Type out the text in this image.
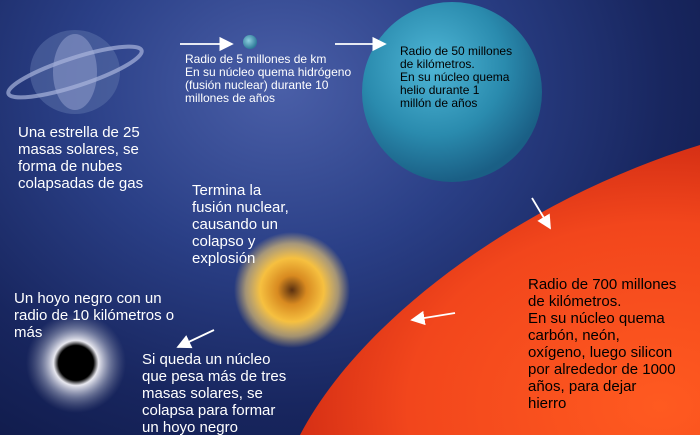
Una estrella de 25
masas solares, se
forma de nubes
colapsadas de gas
Radio de 5 millones de km
En su núcleo quema hidrógeno
(fusión nuclear) durante 10
millones de años
Radio de 50 millones
de kilómetros.
En su núcleo quema
helio durante 1
millón de años
Radio de 700 millones
de kilómetros.
En su núcleo quema
carbón, neón,
oxígeno, luego silicon
por alrededor de 1000
años, para dejar
hierro
Termina la
fusión nuclear,
causando un
colapso y
explosión
Si queda un núcleo
que pesa más de tres
masas solares, se
colapsa para formar
un hoyo negro
Un hoyo negro con un
radio de 10 kilómetros o
más
